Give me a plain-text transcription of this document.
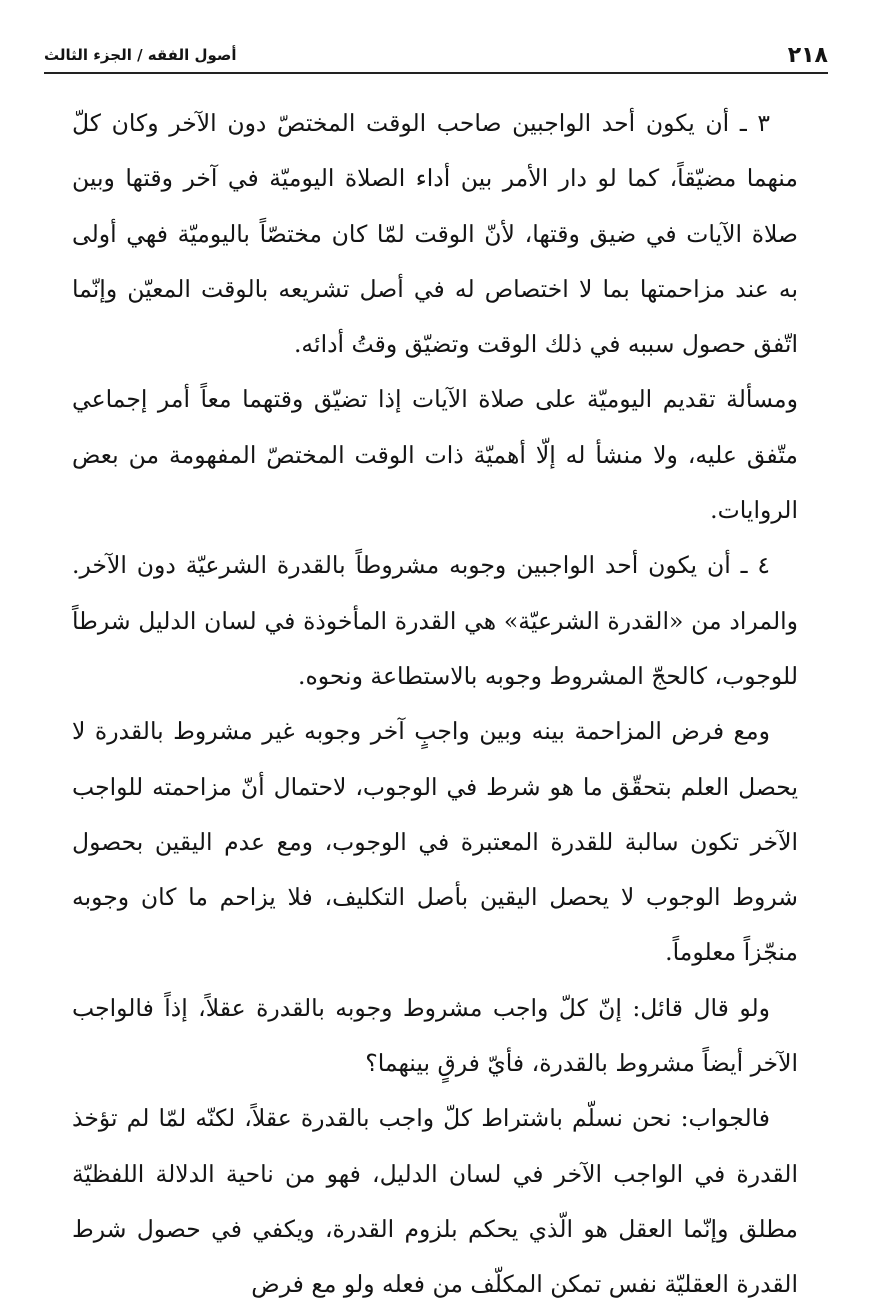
٢١٨
أصول الفقه / الجزء الثالث

٣ ـ أن يكون أحد الواجبين صاحب الوقت المختصّ دون الآخر وكان كلّ منهما مضيّقاً، كما لو دار الأمر بين أداء الصلاة اليوميّة في آخر وقتها وبين صلاة الآيات في ضيق وقتها، لأنّ الوقت لمّا كان مختصّاً باليوميّة فهي أولى به عند مزاحمتها بما لا اختصاص له في أصل تشريعه بالوقت المعيّن وإنّما اتّفق حصول سببه في ذلك الوقت وتضيّق وقتُ أدائه.

ومسألة تقديم اليوميّة على صلاة الآيات إذا تضيّق وقتهما معاً أمر إجماعي متّفق عليه، ولا منشأ له إلّا أهميّة ذات الوقت المختصّ المفهومة من بعض الروايات.

٤ ـ أن يكون أحد الواجبين وجوبه مشروطاً بالقدرة الشرعيّة دون الآخر. والمراد من «القدرة الشرعيّة» هي القدرة المأخوذة في لسان الدليل شرطاً للوجوب، كالحجّ المشروط وجوبه بالاستطاعة ونحوه.

ومع فرض المزاحمة بينه وبين واجبٍ آخر وجوبه غير مشروط بالقدرة لا يحصل العلم بتحقّق ما هو شرط في الوجوب، لاحتمال أنّ مزاحمته للواجب الآخر تكون سالبة للقدرة المعتبرة في الوجوب، ومع عدم اليقين بحصول شروط الوجوب لا يحصل اليقين بأصل التكليف، فلا يزاحم ما كان وجوبه منجّزاً معلوماً.

ولو قال قائل: إنّ كلّ واجب مشروط وجوبه بالقدرة عقلاً، إذاً فالواجب الآخر أيضاً مشروط بالقدرة، فأيّ فرقٍ بينهما؟

فالجواب: نحن نسلّم باشتراط كلّ واجب بالقدرة عقلاً، لكنّه لمّا لم تؤخذ القدرة في الواجب الآخر في لسان الدليل، فهو من ناحية الدلالة اللفظيّة مطلق وإنّما العقل هو الّذي يحكم بلزوم القدرة، ويكفي في حصول شرط القدرة العقليّة نفس تمكن المكلّف من فعله ولو مع فرض
